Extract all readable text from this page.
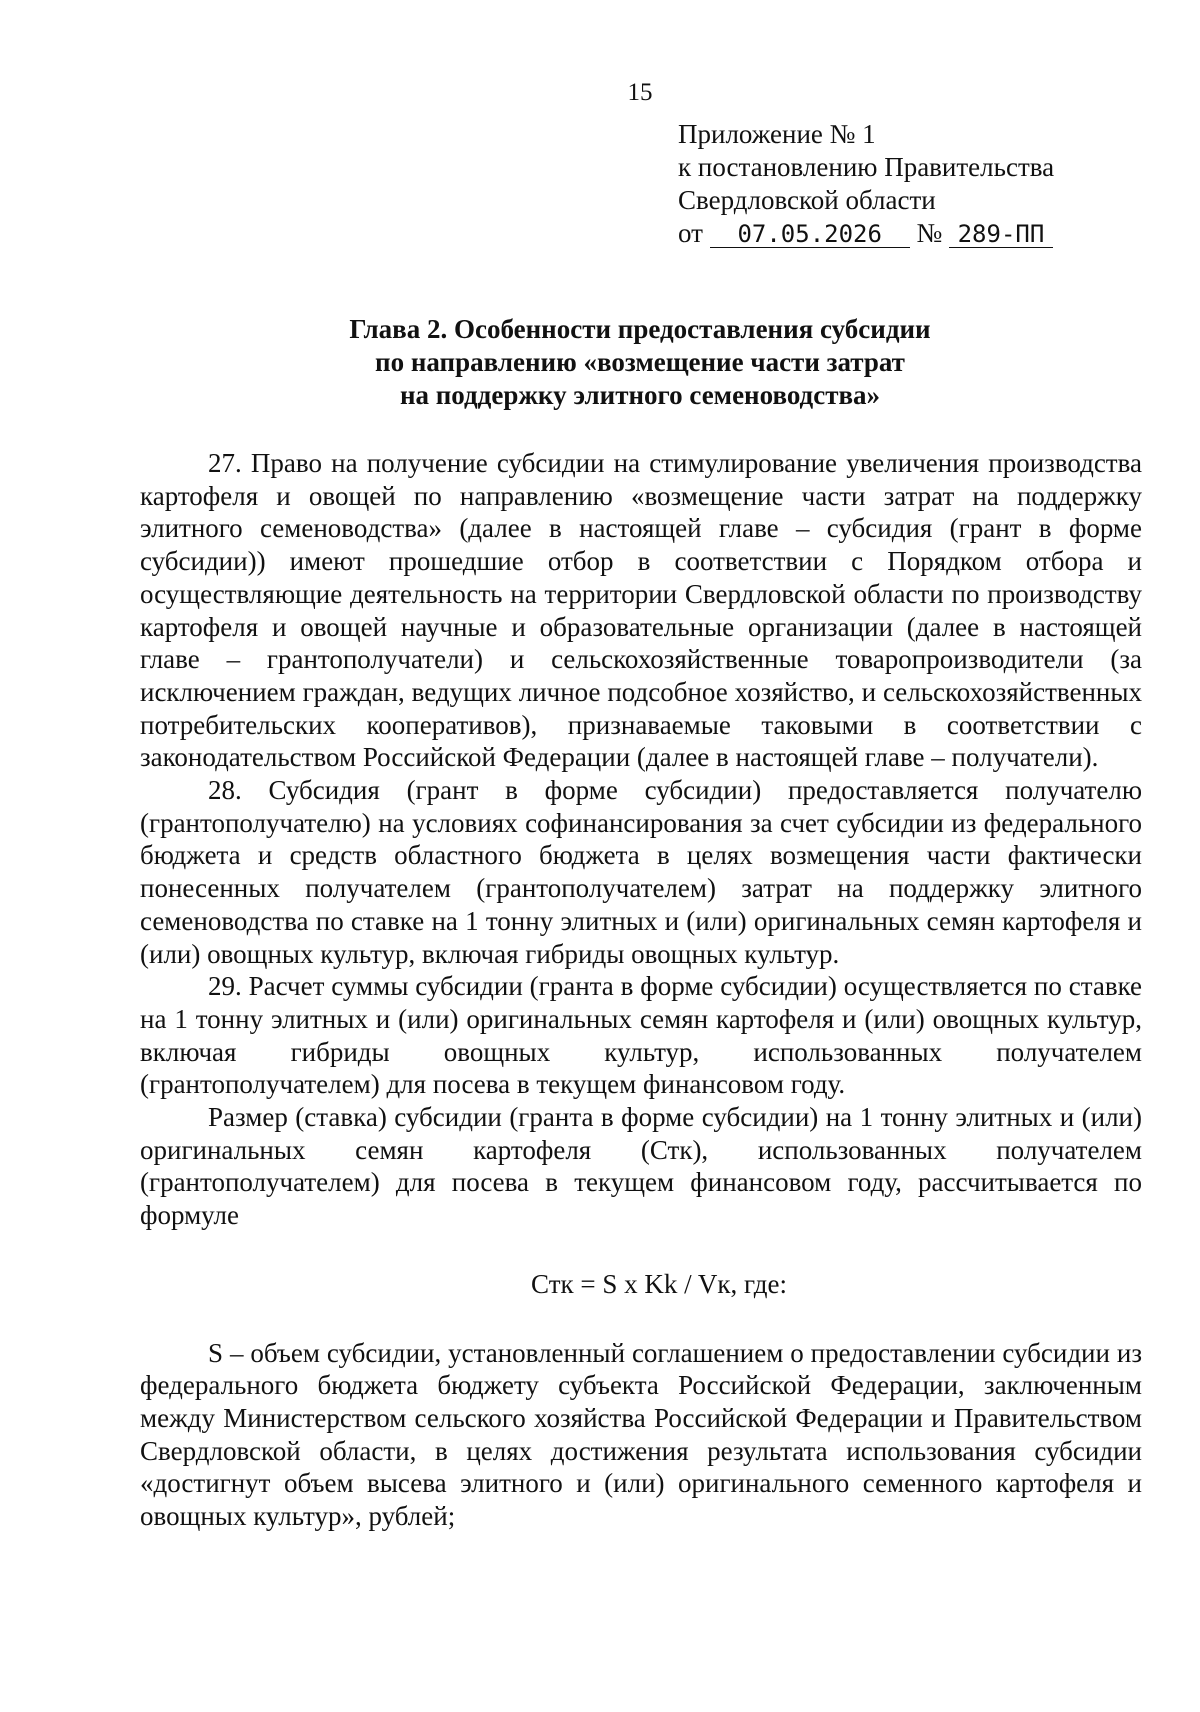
15
Приложение № 1
к постановлению Правительства
Свердловской области
от 07.05.2026 № 289-ПП
Глава 2. Особенности предоставления субсидии
по направлению «возмещение части затрат
на поддержку элитного семеноводства»

27. Право на получение субсидии на стимулирование увеличения производства картофеля и овощей по направлению «возмещение части затрат на поддержку элитного семеноводства» (далее в настоящей главе – субсидия (грант в форме субсидии)) имеют прошедшие отбор в соответствии с Порядком отбора и осуществляющие деятельность на территории Свердловской области по производству картофеля и овощей научные и образовательные организации (далее в настоящей главе – грантополучатели) и сельскохозяйственные товаропроизводители (за исключением граждан, ведущих личное подсобное хозяйство, и сельскохозяйственных потребительских кооперативов), признаваемые таковыми в соответствии с законодательством Российской Федерации (далее в настоящей главе – получатели).

28. Субсидия (грант в форме субсидии) предоставляется получателю (грантополучателю) на условиях софинансирования за счет субсидии из федерального бюджета и средств областного бюджета в целях возмещения части фактически понесенных получателем (грантополучателем) затрат на поддержку элитного семеноводства по ставке на 1 тонну элитных и (или) оригинальных семян картофеля и (или) овощных культур, включая гибриды овощных культур.

29. Расчет суммы субсидии (гранта в форме субсидии) осуществляется по ставке на 1 тонну элитных и (или) оригинальных семян картофеля и (или) овощных культур, включая гибриды овощных культур, использованных получателем (грантополучателем) для посева в текущем финансовом году.

Размер (ставка) субсидии (гранта в форме субсидии) на 1 тонну элитных и (или) оригинальных семян картофеля (Стк), использованных получателем (грантополучателем) для посева в текущем финансовом году, рассчитывается по формуле

Стк = S х Kk / Vк, где:

S – объем субсидии, установленный соглашением о предоставлении субсидии из федерального бюджета бюджету субъекта Российской Федерации, заключенным между Министерством сельского хозяйства Российской Федерации и Правительством Свердловской области, в целях достижения результата использования субсидии «достигнут объем высева элитного и (или) оригинального семенного картофеля и овощных культур», рублей;
